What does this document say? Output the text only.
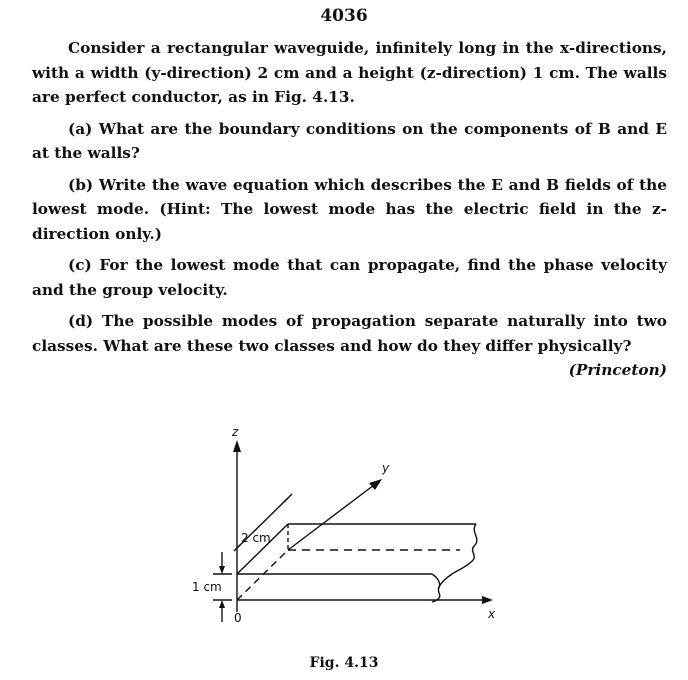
4036

Consider a rectangular waveguide, infinitely long in the x-directions, with a width (y-direction) 2 cm and a height (z-direction) 1 cm. The walls are perfect conductor, as in Fig. 4.13.

(a) What are the boundary conditions on the components of B and E at the walls?

(b) Write the wave equation which describes the E and B fields of the lowest mode. (Hint: The lowest mode has the electric field in the z-direction only.)

(c) For the lowest mode that can propagate, find the phase velocity and the group velocity.

(d) The possible modes of propagation separate naturally into two classes. What are these two classes and how do they differ physically?

(Princeton)
z
y
x
2 cm
1 cm
0
Fig. 4.13
